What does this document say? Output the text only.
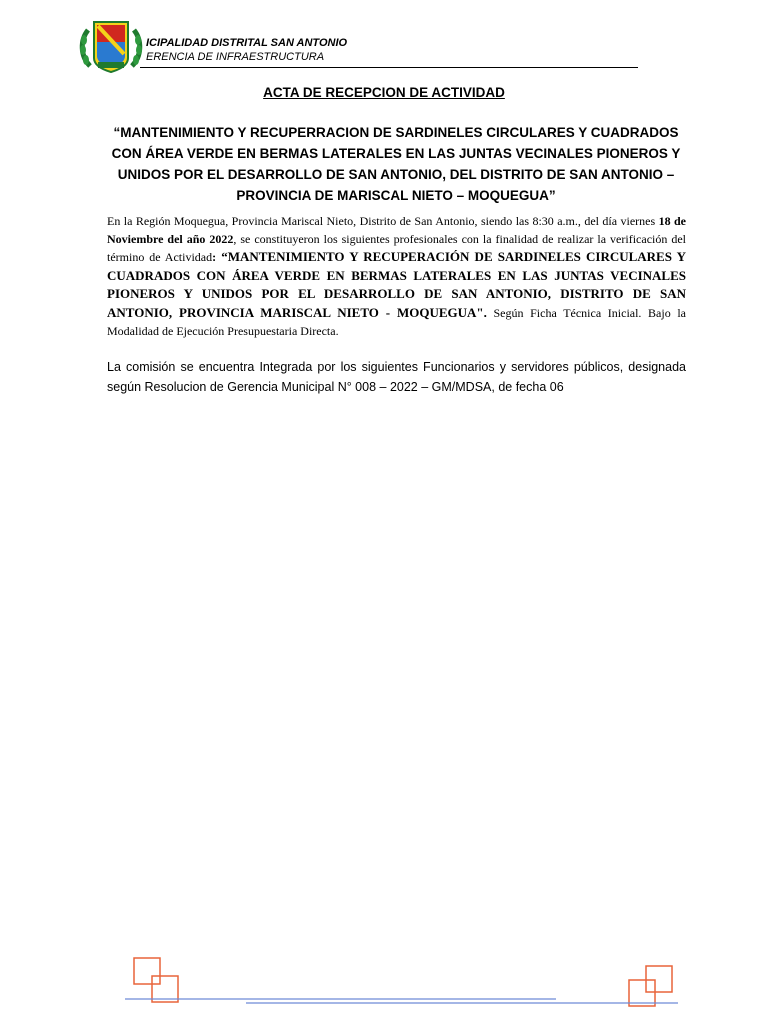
ICIPALIDAD DISTRITAL SAN ANTONIO
ERENCIA DE INFRAESTRUCTURA
ACTA DE RECEPCION DE ACTIVIDAD
“MANTENIMIENTO Y RECUPERRACION DE SARDINELES CIRCULARES Y CUADRADOS CON ÁREA VERDE EN BERMAS LATERALES EN LAS JUNTAS VECINALES PIONEROS Y UNIDOS POR EL DESARROLLO DE SAN ANTONIO, DEL DISTRITO DE SAN ANTONIO – PROVINCIA DE MARISCAL NIETO – MOQUEGUA”
En la Región Moquegua, Provincia Mariscal Nieto, Distrito de San Antonio, siendo las 8:30 a.m., del día viernes 18 de Noviembre del año 2022, se constituyeron los siguientes profesionales con la finalidad de realizar la verificación del término de Actividad: “MANTENIMIENTO Y RECUPERACIÓN DE SARDINELES CIRCULARES Y CUADRADOS CON ÁREA VERDE EN BERMAS LATERALES EN LAS JUNTAS VECINALES PIONEROS Y UNIDOS POR EL DESARROLLO DE SAN ANTONIO, DISTRITO DE SAN ANTONIO, PROVINCIA MARISCAL NIETO - MOQUEGUA". Según Ficha Técnica Inicial. Bajo la Modalidad de Ejecución Presupuestaria Directa.
La comisión se encuentra Integrada por los siguientes Funcionarios y servidores públicos, designada según Resolucion de Gerencia Municipal N° 008 – 2022 – GM/MDSA, de fecha 06
